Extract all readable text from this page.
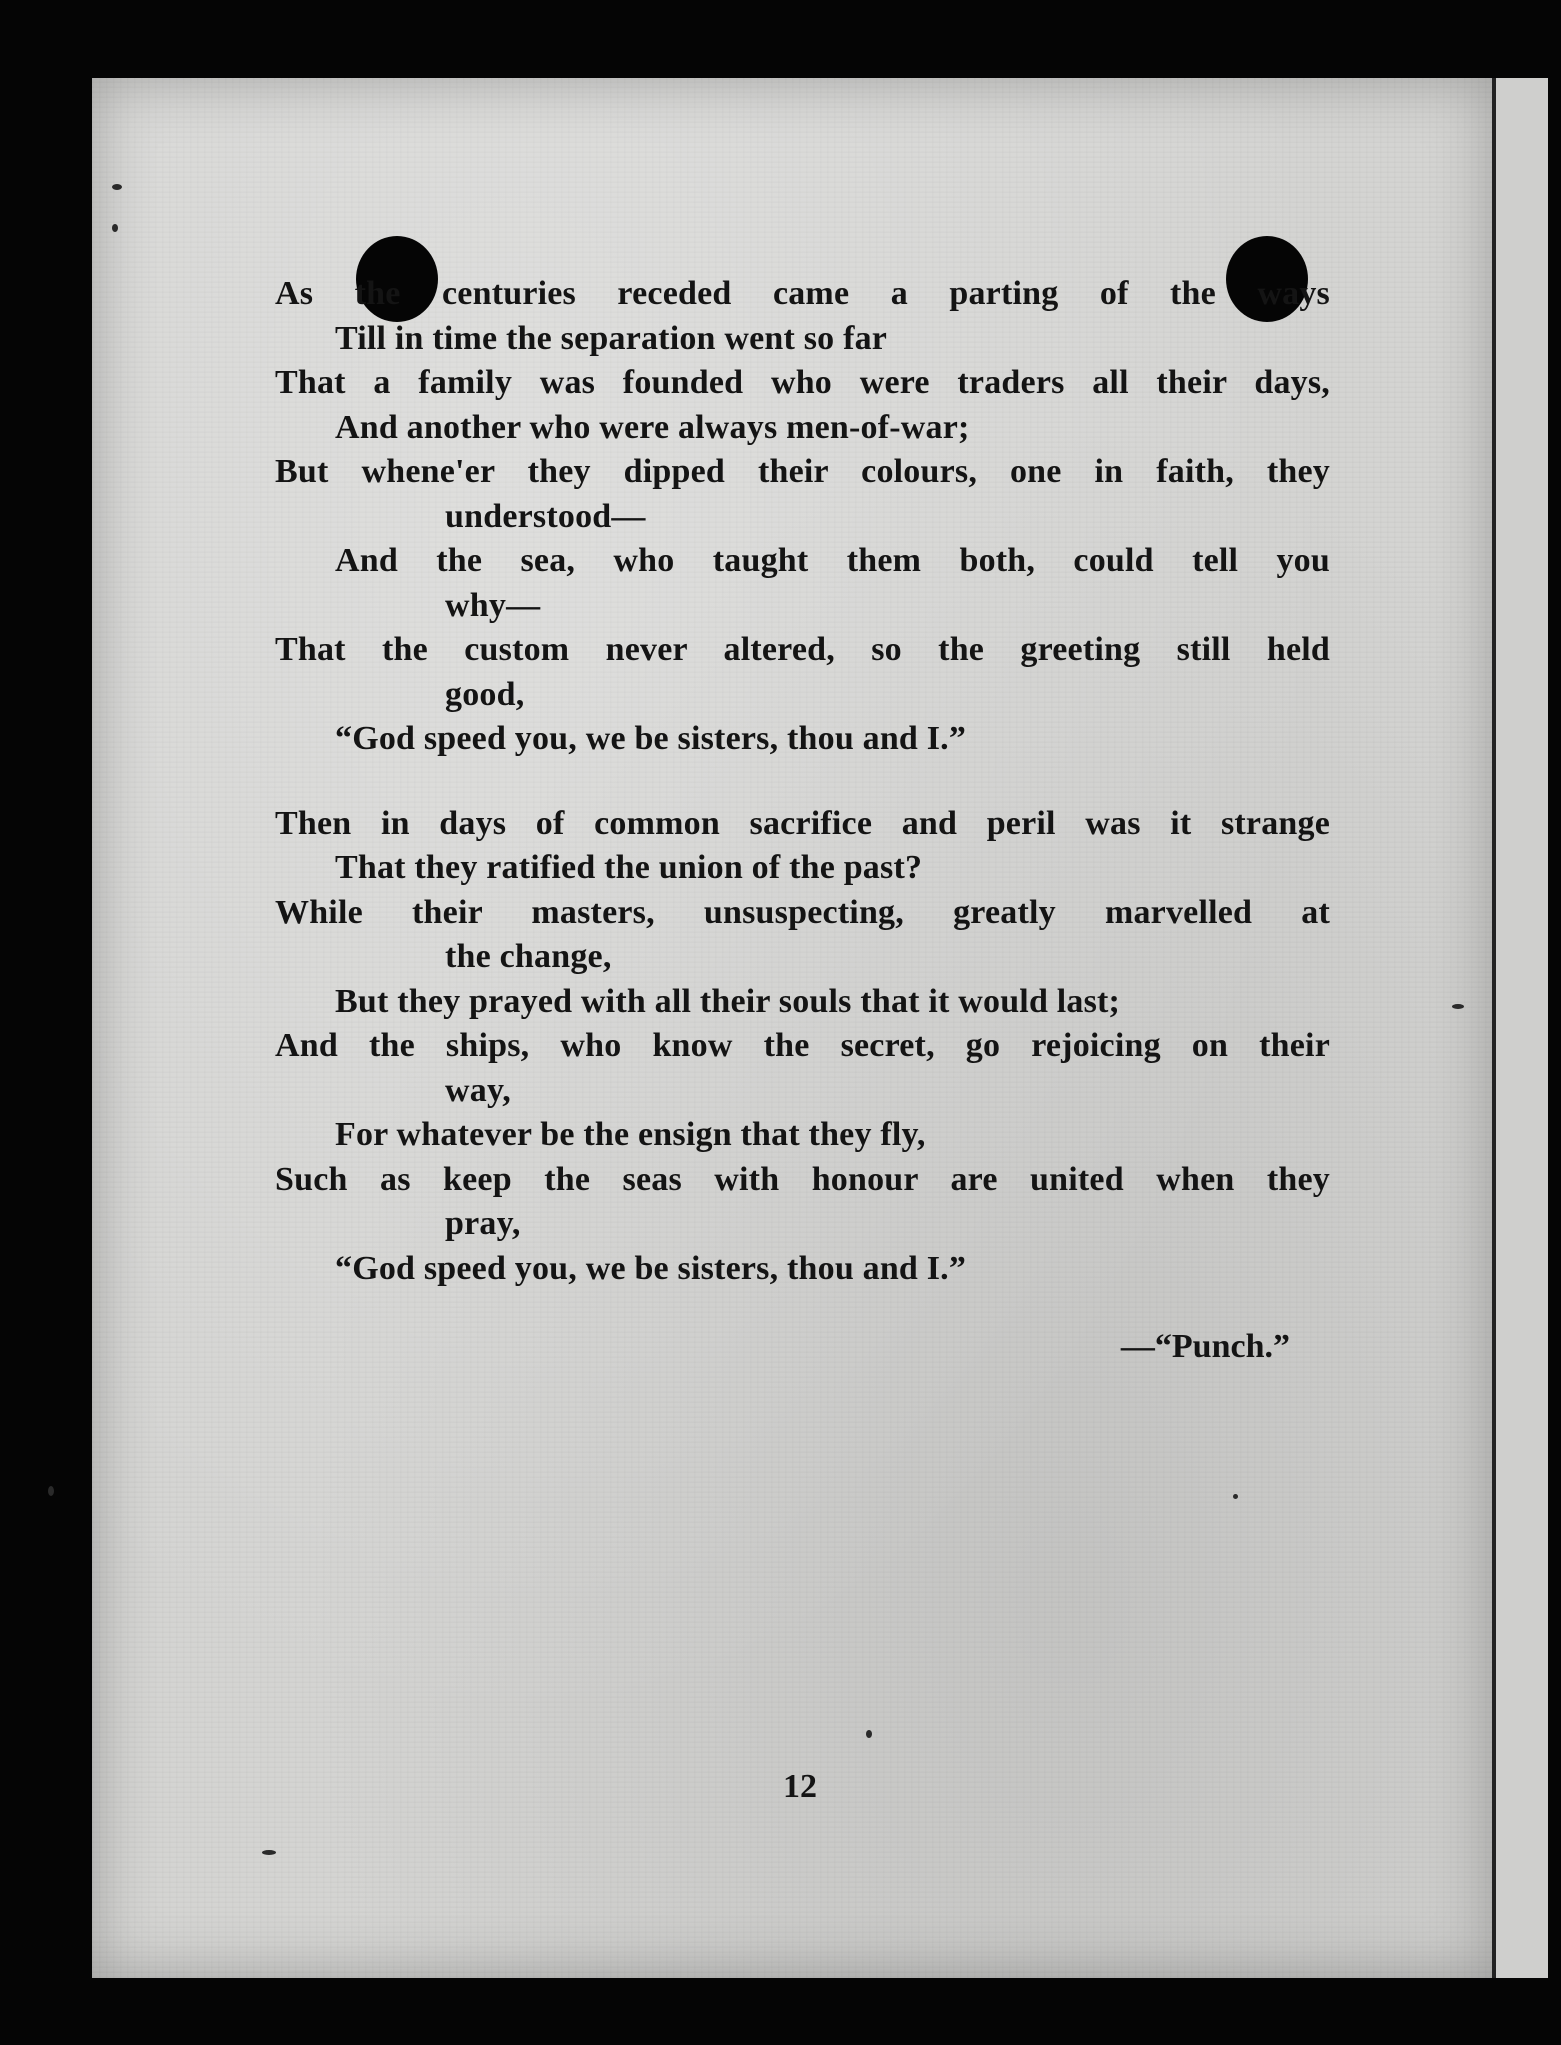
As the centuries receded came a parting of the ways
Till in time the separation went so far
That a family was founded who were traders all their days,
And another who were always men-of-war;
But whene'er they dipped their colours, one in faith, they
understood—
And the sea, who taught them both, could tell you
why—
That the custom never altered, so the greeting still held
good,
“God speed you, we be sisters, thou and I.”
Then in days of common sacrifice and peril was it strange
That they ratified the union of the past?
While their masters, unsuspecting, greatly marvelled at
the change,
But they prayed with all their souls that it would last;
And the ships, who know the secret, go rejoicing on their
way,
For whatever be the ensign that they fly,
Such as keep the seas with honour are united when they
pray,
“God speed you, we be sisters, thou and I.”
—“Punch.”
12
